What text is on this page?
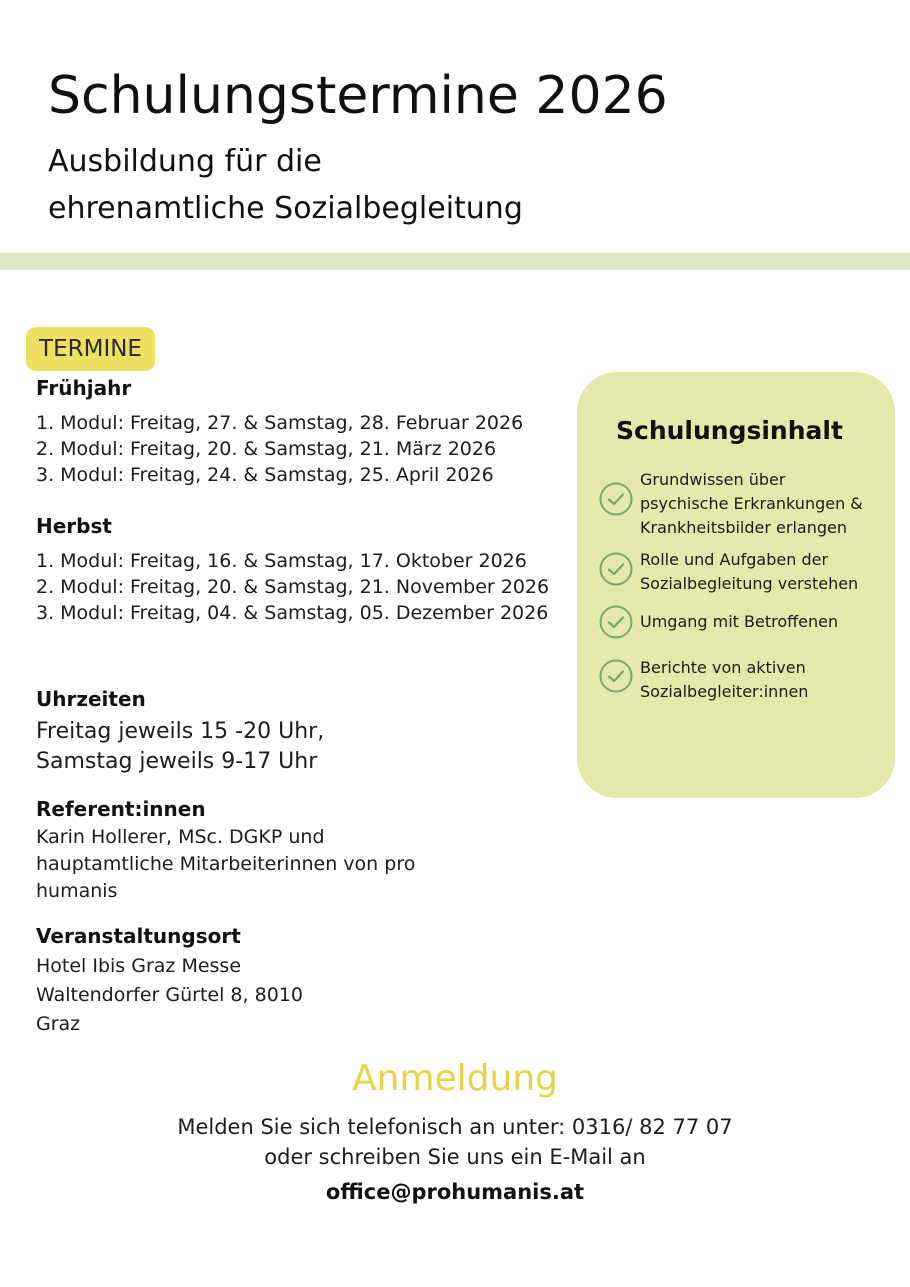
Schulungstermine 2026
Ausbildung für die
ehrenamtliche Sozialbegleitung
TERMINE
Frühjahr
1. Modul: Freitag, 27. & Samstag, 28. Februar 2026
2. Modul: Freitag, 20. & Samstag, 21. März 2026
3. Modul: Freitag, 24. & Samstag, 25. April 2026
Herbst
1. Modul: Freitag, 16. & Samstag, 17. Oktober 2026
2. Modul: Freitag, 20. & Samstag, 21. November 2026
3. Modul: Freitag, 04. & Samstag, 05. Dezember 2026
Uhrzeiten
Freitag jeweils 15 -20 Uhr,
Samstag jeweils 9-17 Uhr
Referent:innen
Karin Hollerer, MSc. DGKP und
hauptamtliche Mitarbeiterinnen von pro
humanis
Veranstaltungsort
Hotel Ibis Graz Messe
Waltendorfer Gürtel 8, 8010
Graz
Schulungsinhalt
Grundwissen über
psychische Erkrankungen &
Krankheitsbilder erlangen
Rolle und Aufgaben der
Sozialbegleitung verstehen
Umgang mit Betroffenen
Berichte von aktiven
Sozialbegleiter:innen
Anmeldung
Melden Sie sich telefonisch an unter: 0316/ 82 77 07
oder schreiben Sie uns ein E-Mail an
office@prohumanis.at
